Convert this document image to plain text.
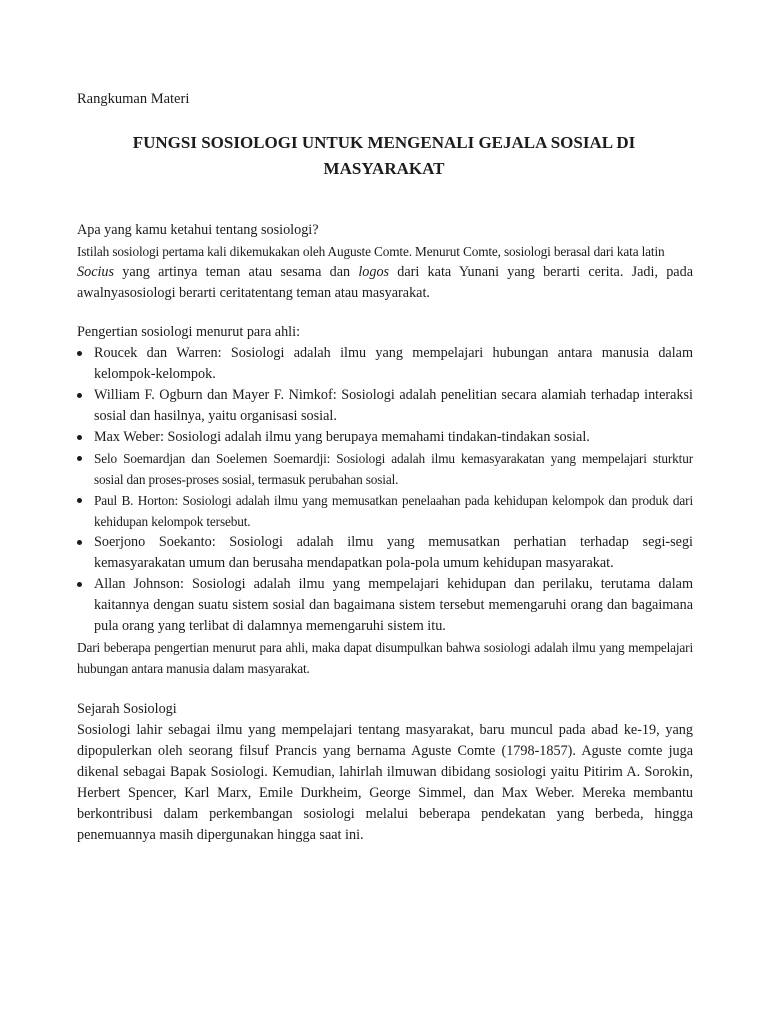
Rangkuman Materi
FUNGSI SOSIOLOGI UNTUK MENGENALI GEJALA SOSIAL DI
MASYARAKAT

Apa yang kamu ketahui tentang sosiologi?

Istilah sosiologi pertama kali dikemukakan oleh Auguste Comte. Menurut Comte, sosiologi berasal dari kata latin

Socius yang artinya teman atau sesama dan logos dari kata Yunani yang berarti cerita. Jadi, pada

awalnyasosiologi berarti ceritatentang teman atau masyarakat.

Pengertian sosiologi menurut para ahli:

Roucek dan Warren: Sosiologi adalah ilmu yang mempelajari hubungan antara manusia dalam kelompok-kelompok.
William F. Ogburn dan Mayer F. Nimkof: Sosiologi adalah penelitian secara alamiah terhadap interaksi sosial dan hasilnya, yaitu organisasi sosial.
Max Weber: Sosiologi adalah ilmu yang berupaya memahami tindakan-tindakan sosial.
Selo Soemardjan dan Soelemen Soemardji: Sosiologi adalah ilmu kemasyarakatan yang mempelajari sturktur sosial dan proses-proses sosial, termasuk perubahan sosial.
Paul B. Horton: Sosiologi adalah ilmu yang memusatkan penelaahan pada kehidupan kelompok dan produk dari kehidupan kelompok tersebut.
Soerjono Soekanto: Sosiologi adalah ilmu yang memusatkan perhatian terhadap segi-segi kemasyarakatan umum dan berusaha mendapatkan pola-pola umum kehidupan masyarakat.
Allan Johnson: Sosiologi adalah ilmu yang mempelajari kehidupan dan perilaku, terutama dalam kaitannya dengan suatu sistem sosial dan bagaimana sistem tersebut memengaruhi orang dan bagaimana pula orang yang terlibat di dalamnya memengaruhi sistem itu.

Dari beberapa pengertian menurut para ahli, maka dapat disumpulkan bahwa sosiologi adalah ilmu yang mempelajari hubungan antara manusia dalam masyarakat.

Sejarah Sosiologi

Sosiologi lahir sebagai ilmu yang mempelajari tentang masyarakat, baru muncul pada abad ke-19, yang dipopulerkan oleh seorang filsuf Prancis yang bernama Aguste Comte (1798-1857). Aguste comte juga dikenal sebagai Bapak Sosiologi. Kemudian, lahirlah ilmuwan dibidang sosiologi yaitu Pitirim A. Sorokin, Herbert Spencer, Karl Marx, Emile Durkheim, George Simmel, dan Max Weber. Mereka membantu berkontribusi dalam perkembangan sosiologi melalui beberapa pendekatan yang berbeda, hingga penemuannya masih dipergunakan hingga saat ini.
